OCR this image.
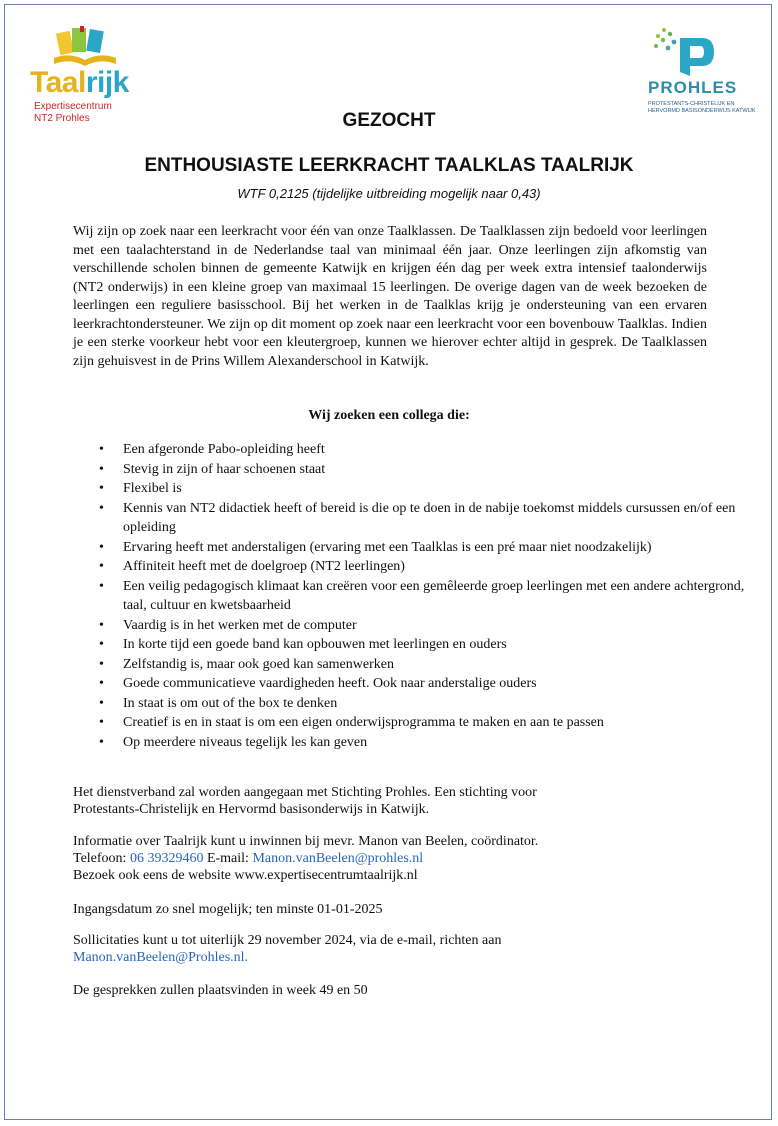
Taalrijk
Expertisecentrum
NT2 Prohles
PROHLES
PROTESTANTS-CHRISTELIJK EN
HERVORMD BASISONDERWIJS KATWIJK
GEZOCHT
ENTHOUSIASTE LEERKRACHT TAALKLAS TAALRIJK
WTF 0,2125 (tijdelijke uitbreiding mogelijk naar 0,43)

Wij zijn op zoek naar een leerkracht voor één van onze Taalklassen. De Taalklassen zijn bedoeld voor leerlingen met een taalachterstand in de Nederlandse taal van minimaal één jaar. Onze leerlingen zijn afkomstig van verschillende scholen binnen de gemeente Katwijk en krijgen één dag per week extra intensief taalonderwijs (NT2 onderwijs) in een kleine groep van maximaal 15 leerlingen. De overige dagen van de week bezoeken de leerlingen een reguliere basisschool. Bij het werken in de Taalklas krijg je ondersteuning van een ervaren leerkrachtondersteuner. We zijn op dit moment op zoek naar een leerkracht voor een bovenbouw Taalklas. Indien je een sterke voorkeur hebt voor een kleutergroep, kunnen we hierover echter altijd in gesprek. De Taalklassen zijn gehuisvest in de Prins Willem Alexanderschool in Katwijk.

Wij zoeken een collega die:
• Een afgeronde Pabo-opleiding heeft
• Stevig in zijn of haar schoenen staat
• Flexibel is
• Kennis van NT2 didactiek heeft of bereid is die op te doen in de nabije toekomst middels cursussen en/of een opleiding
• Ervaring heeft met anderstaligen (ervaring met een Taalklas is een pré maar niet noodzakelijk)
• Affiniteit heeft met de doelgroep (NT2 leerlingen)
• Een veilig pedagogisch klimaat kan creëren voor een gemêleerde groep leerlingen met een andere achtergrond, taal, cultuur en kwetsbaarheid
• Vaardig is in het werken met de computer
• In korte tijd een goede band kan opbouwen met leerlingen en ouders
• Zelfstandig is, maar ook goed kan samenwerken
• Goede communicatieve vaardigheden heeft. Ook naar anderstalige ouders
• In staat is om out of the box te denken
• Creatief is en in staat is om een eigen onderwijsprogramma te maken en aan te passen
• Op meerdere niveaus tegelijk les kan geven
Het dienstverband zal worden aangegaan met Stichting Prohles. Een stichting voor
Protestants-Christelijk en Hervormd basisonderwijs in Katwijk.
Informatie over Taalrijk kunt u inwinnen bij mevr. Manon van Beelen, coördinator.
Telefoon: 06 39329460 E-mail: Manon.vanBeelen@prohles.nl
Bezoek ook eens de website www.expertisecentrumtaalrijk.nl
Ingangsdatum zo snel mogelijk; ten minste 01-01-2025
Sollicitaties kunt u tot uiterlijk 29 november 2024, via de e-mail, richten aan
Manon.vanBeelen@Prohles.nl.
De gesprekken zullen plaatsvinden in week 49 en 50
